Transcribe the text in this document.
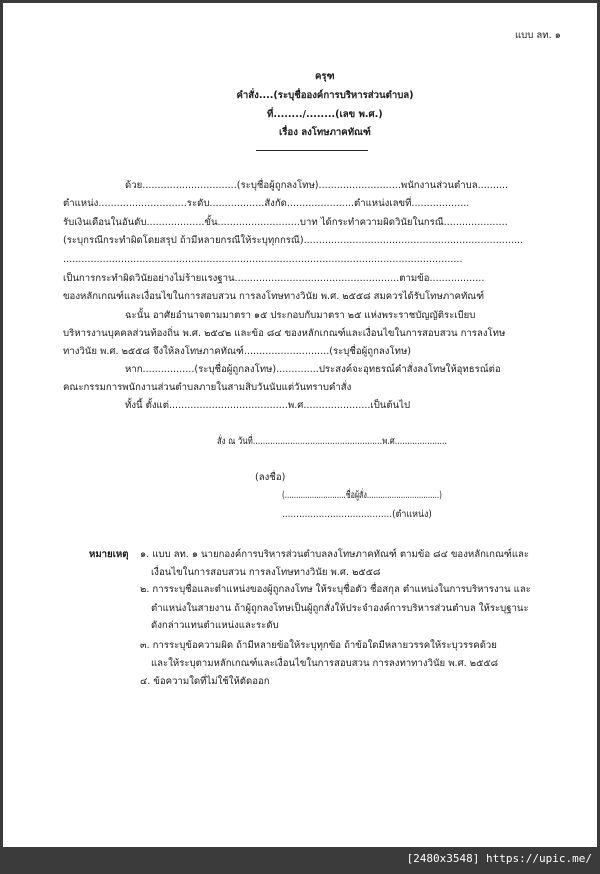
แบบ ลท. ๑
ครุฑ
คำสั่ง....(ระบุชื่อองค์การบริหารส่วนตำบล)
ที่......../........(เลข พ.ศ.)
เรื่อง ลงโทษภาคทัณฑ์
ด้วย...............................(ระบุชื่อผู้ถูกลงโทษ)...........................พนักงานส่วนตำบล..........
ตำแหน่ง.............................ระดับ..................สังกัด......................ตำแหน่งเลขที่...................
รับเงินเดือนในอันดับ...................ขั้น...........................บาท ได้กระทำความผิดวินัยในกรณี.....................
(ระบุกรณีกระทำผิดโดยสรุป ถ้ามีหลายกรณีให้ระบุทุกกรณี)........................................................................
...................................................................................................................................
เป็นการกระทำผิดวินัยอย่างไม่ร้ายแรงฐาน......................................................ตามข้อ..................
ของหลักเกณฑ์และเงื่อนไขในการสอบสวน การลงโทษทางวินัย พ.ศ. ๒๕๕๘ สมควรได้รับโทษภาคทัณฑ์
ฉะนั้น อาศัยอำนาจตามมาตรา ๑๕ ประกอบกับมาตรา ๒๕ แห่งพระราชบัญญัติระเบียบ
บริหารงานบุคคลส่วนท้องถิ่น พ.ศ. ๒๕๔๒ และข้อ ๘๔ ของหลักเกณฑ์และเงื่อนไขในการสอบสวน การลงโทษ
ทางวินัย พ.ศ. ๒๕๕๘ จึงให้ลงโทษภาคทัณฑ์............................(ระบุชื่อผู้ถูกลงโทษ)
หาก.................(ระบุชื่อผู้ถูกลงโทษ)..............ประสงค์จะอุทธรณ์คำสั่งลงโทษให้อุทธรณ์ต่อ
คณะกรรมการพนักงานส่วนตำบลภายในสามสิบวันนับแต่วันทราบคำสั่ง
ทั้งนี้ ตั้งแต่.......................................พ.ศ......................เป็นต้นไป
สั่ง ณ วันที่....................................................พ.ศ.....................
(ลงชื่อ)
(...........................ชื่อผู้สั่ง................................)
.......................................(ตำแหน่ง)
หมายเหตุ ๑. แบบ ลท. ๑ นายกองค์การบริหารส่วนตำบลลงโทษภาคทัณฑ์ ตามข้อ ๘๔ ของหลักเกณฑ์และ
เงื่อนไขในการสอบสวน การลงโทษทางวินัย พ.ศ. ๒๕๕๘
๒. การระบุชื่อและตำแหน่งของผู้ถูกลงโทษ ให้ระบุชื่อตัว ชื่อสกุล ตำแหน่งในการบริหารงาน และ
ตำแหน่งในสายงาน ถ้าผู้ถูกลงโทษเป็นผู้ถูกสั่งให้ประจำองค์การบริหารส่วนตำบล ให้ระบุฐานะ
ดังกล่าวแทนตำแหน่งและระดับ
๓. การระบุข้อความผิด ถ้ามีหลายข้อให้ระบุทุกข้อ ถ้าข้อใดมีหลายวรรคให้ระบุวรรคด้วย
และให้ระบุตามหลักเกณฑ์และเงื่อนไขในการสอบสวน การลงทาทางวินัย พ.ศ. ๒๕๕๘
๔. ข้อความใดที่ไม่ใช้ให้ตัดออก
[2480x3548] https://upic.me/
